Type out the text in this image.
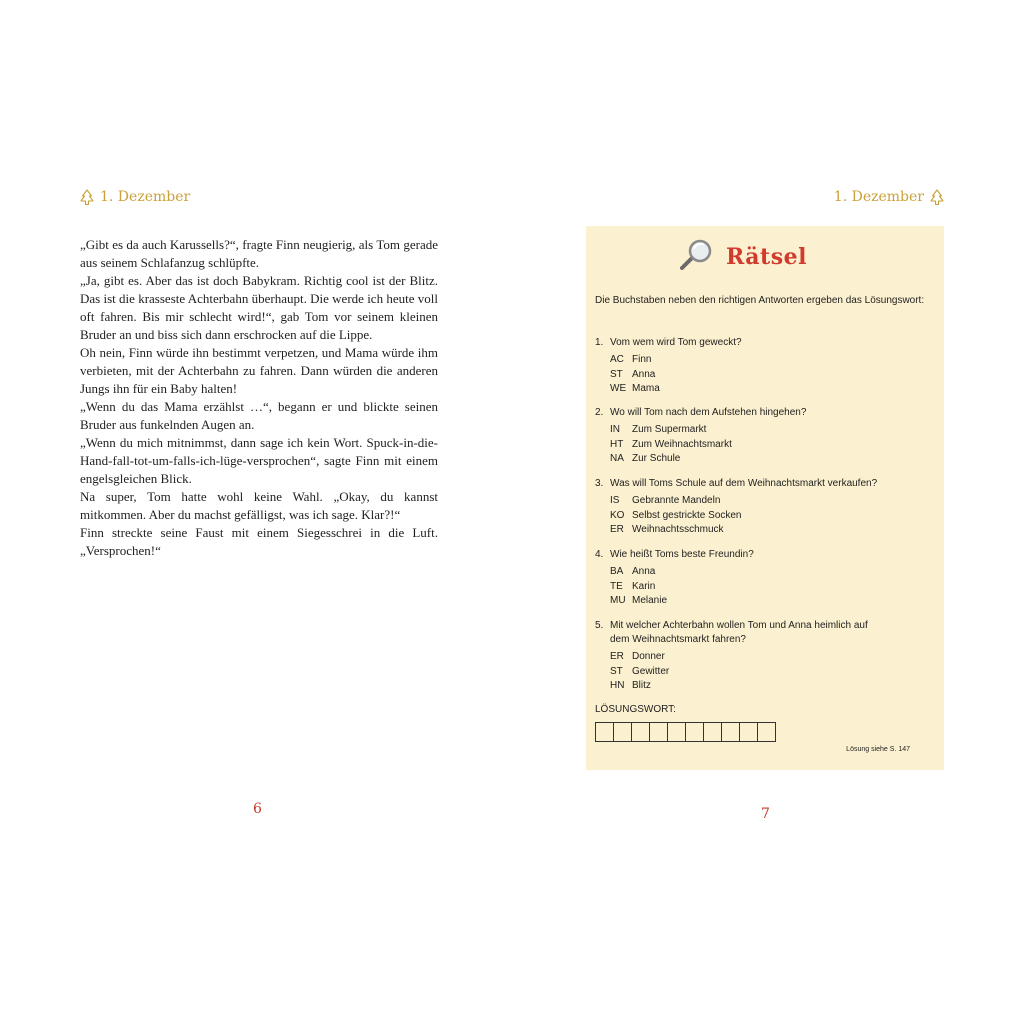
1. Dezember

„Gibt es da auch Karussells?“, fragte Finn neugierig, als Tom gerade aus seinem Schlafanzug schlüpfte.

„Ja, gibt es. Aber das ist doch Babykram. Richtig cool ist der Blitz. Das ist die krasseste Achterbahn überhaupt. Die werde ich heute voll oft fahren. Bis mir schlecht wird!“, gab Tom vor seinem kleinen Bruder an und biss sich dann erschrocken auf die Lippe.

Oh nein, Finn würde ihn bestimmt verpetzen, und Mama würde ihm verbieten, mit der Achterbahn zu fahren. Dann würden die anderen Jungs ihn für ein Baby halten!

„Wenn du das Mama erzählst …“, begann er und blickte seinen Bruder aus funkelnden Augen an.

„Wenn du mich mitnimmst, dann sage ich kein Wort. Spuck-in-die-Hand-fall-tot-um-falls-ich-lüge-versprochen“, sagte Finn mit einem engelsgleichen Blick.

Na super, Tom hatte wohl keine Wahl. „Okay, du kannst mitkommen. Aber du machst gefälligst, was ich sage. Klar?!“

Finn streckte seine Faust mit einem Siegesschrei in die Luft. „Versprochen!“

6
1. Dezember
Rätsel
Die Buchstaben neben den richtigen Antworten ergeben das Lösungswort:
1. Vom wem wird Tom geweckt?
AC Finn
ST Anna
WE Mama
2. Wo will Tom nach dem Aufstehen hingehen?
IN	Zum Supermarkt
HT Zum Weihnachtsmarkt
NA Zur Schule
3. Was will Toms Schule auf dem Weihnachtsmarkt verkaufen?
IS	Gebrannte Mandeln
KO Selbst gestrickte Socken
ER Weihnachtsschmuck
4. Wie heißt Toms beste Freundin?
BA Anna
TE Karin
MU Melanie
5. Mit welcher Achterbahn wollen Tom und Anna heimlich auf dem Weihnachtsmarkt fahren?
ER Donner
ST Gewitter
HN Blitz
LÖSUNGSWORT:
Lösung siehe S. 147
7
